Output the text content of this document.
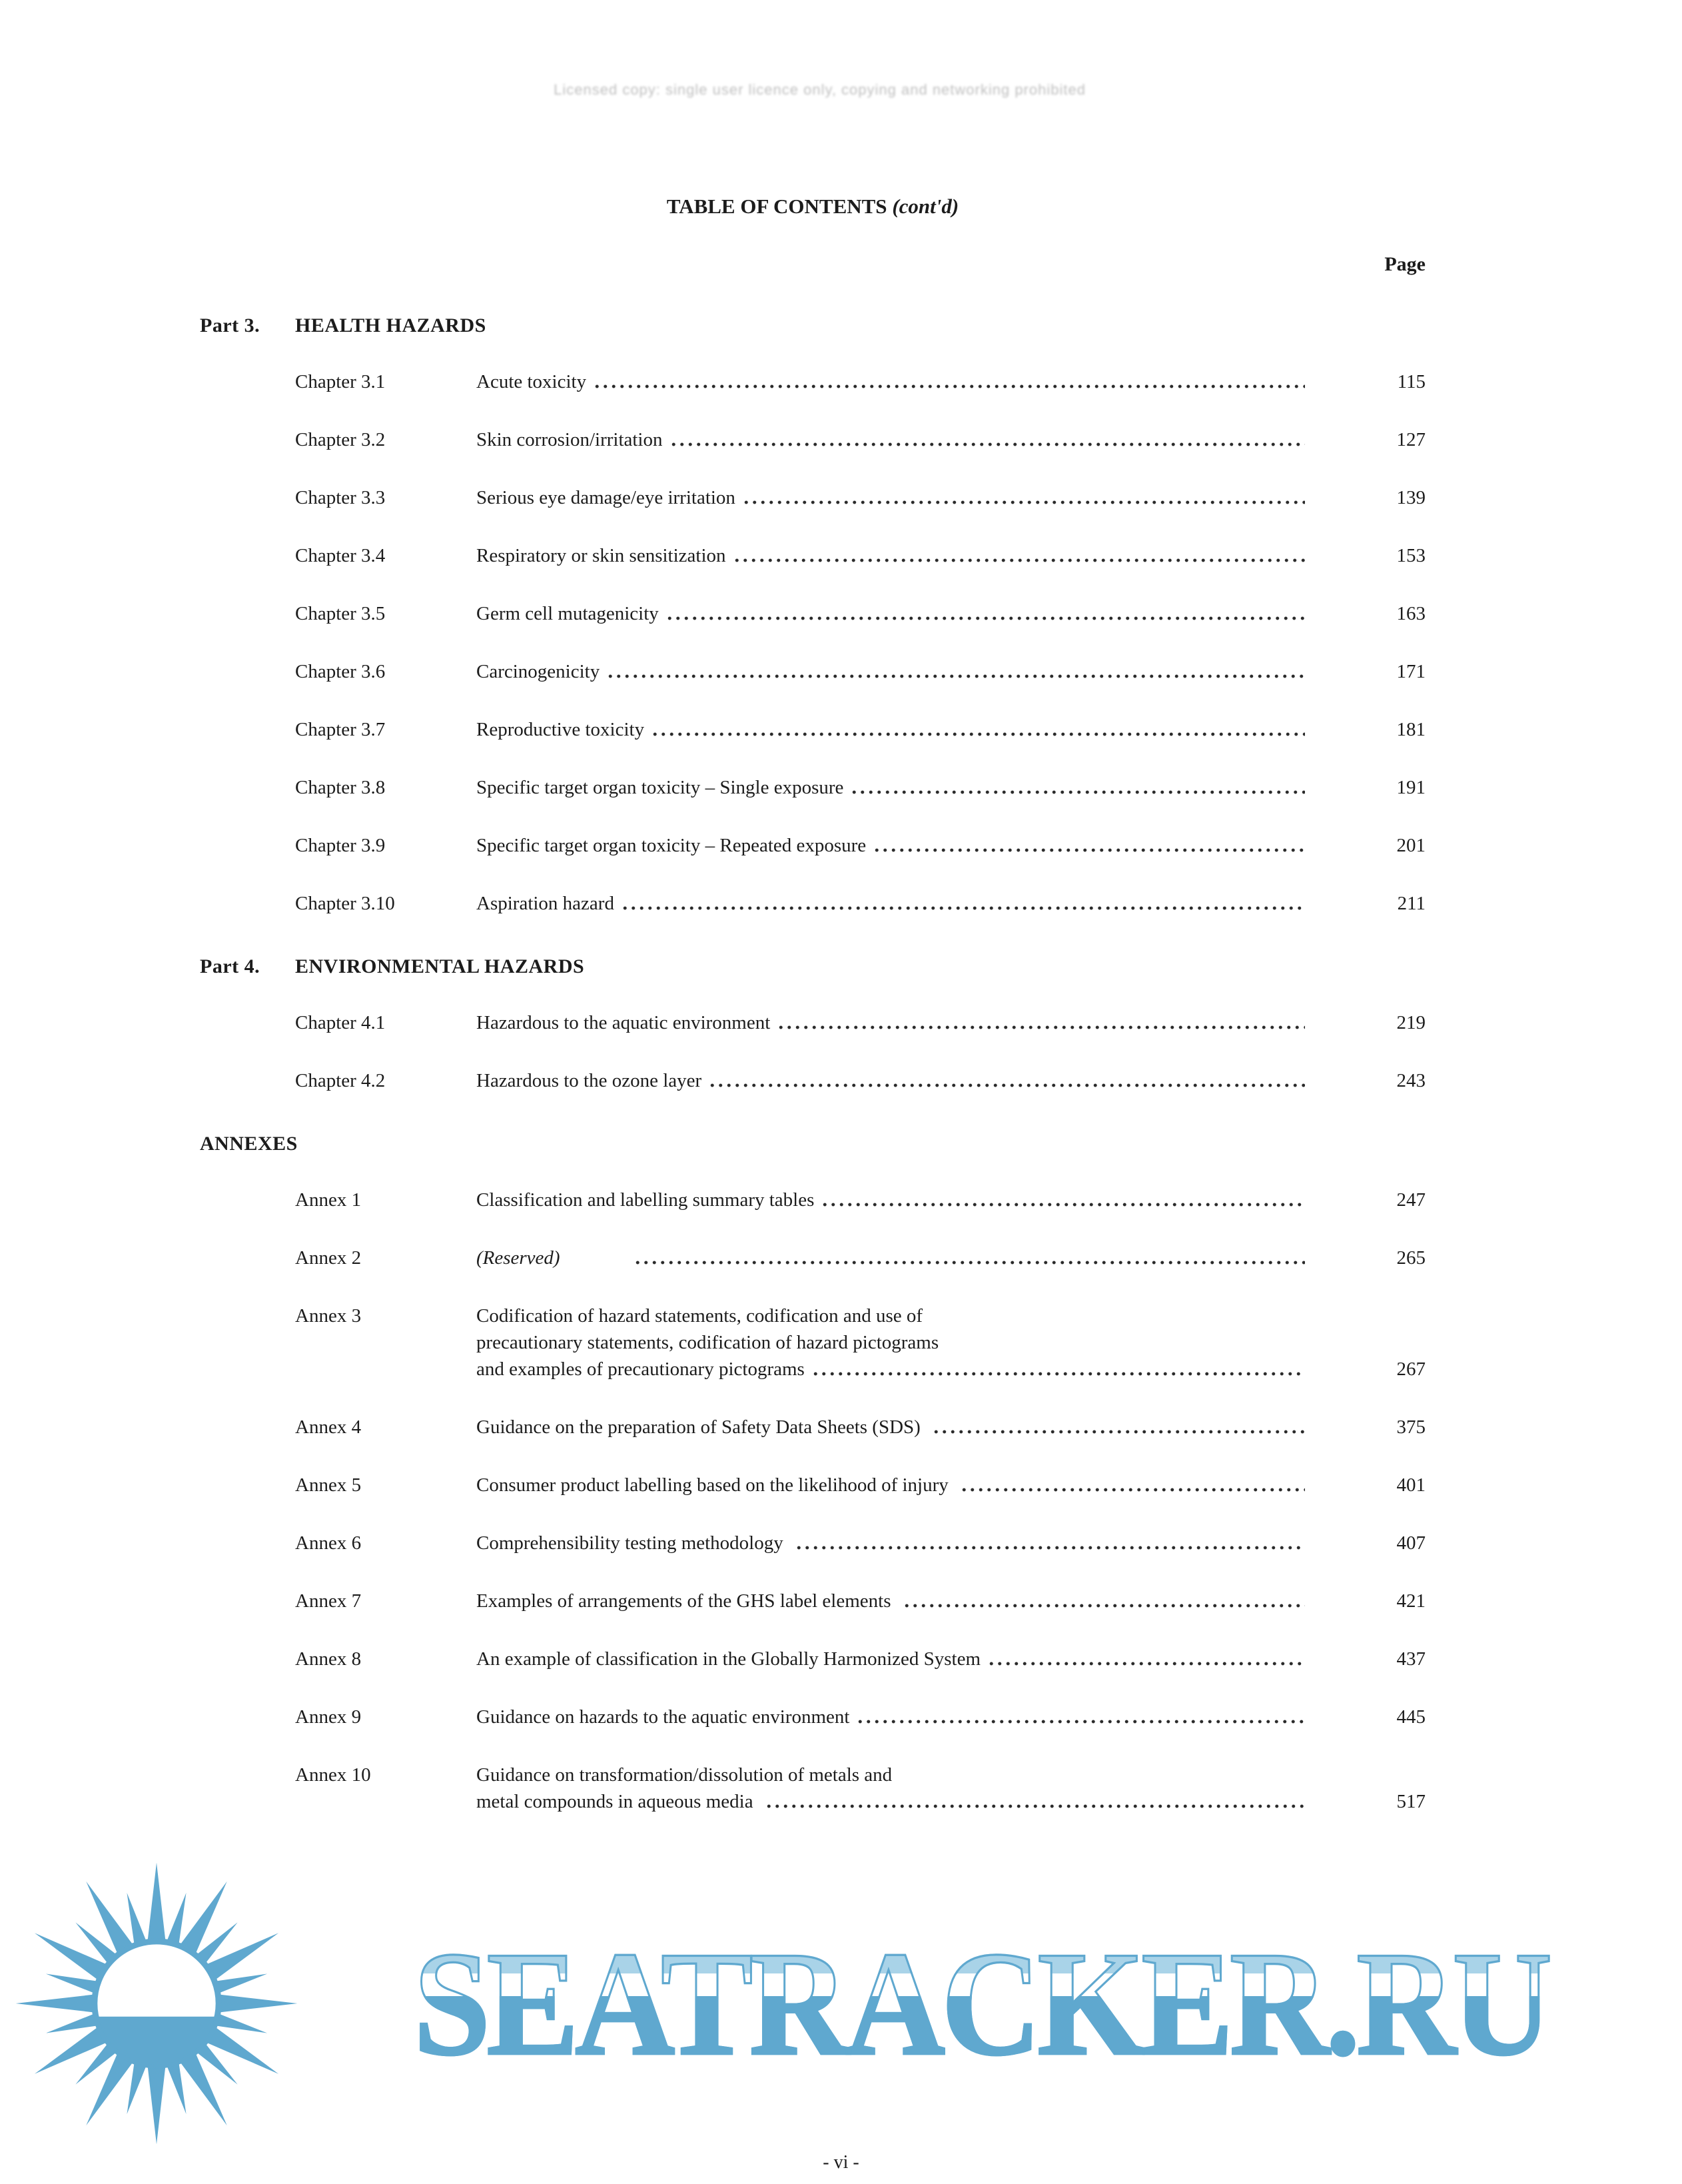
Licensed copy: single user licence only, copying and networking prohibited
TABLE OF CONTENTS (cont'd)
Page
Part 3.	HEALTH HAZARDS
Chapter 3.1	Acute toxicity	115
Chapter 3.2	Skin corrosion/irritation	127
Chapter 3.3	Serious eye damage/eye irritation	139
Chapter 3.4	Respiratory or skin sensitization	153
Chapter 3.5	Germ cell mutagenicity	163
Chapter 3.6	Carcinogenicity	171
Chapter 3.7	Reproductive toxicity	181
Chapter 3.8	Specific target organ toxicity – Single exposure	191
Chapter 3.9	Specific target organ toxicity – Repeated exposure	201
Chapter 3.10	Aspiration hazard	211
Part 4.	ENVIRONMENTAL HAZARDS
Chapter 4.1	Hazardous to the aquatic environment	219
Chapter 4.2	Hazardous to the ozone layer	243
ANNEXES
Annex 1	Classification and labelling summary tables	247
Annex 2	(Reserved)	265
Annex 3	Codification of hazard statements, codification and use of
precautionary statements, codification of hazard pictograms
and examples of precautionary pictograms	267
Annex 4	Guidance on the preparation of Safety Data Sheets (SDS)	375
Annex 5	Consumer product labelling based on the likelihood of injury	401
Annex 6	Comprehensibility testing methodology	407
Annex 7	Examples of arrangements of the GHS label elements	421
Annex 8	An example of classification in the Globally Harmonized System	437
Annex 9	Guidance on hazards to the aquatic environment	445
Annex 10	Guidance on transformation/dissolution of metals and
metal compounds in aqueous media	517
SEATRACKER.RU
- vi -
